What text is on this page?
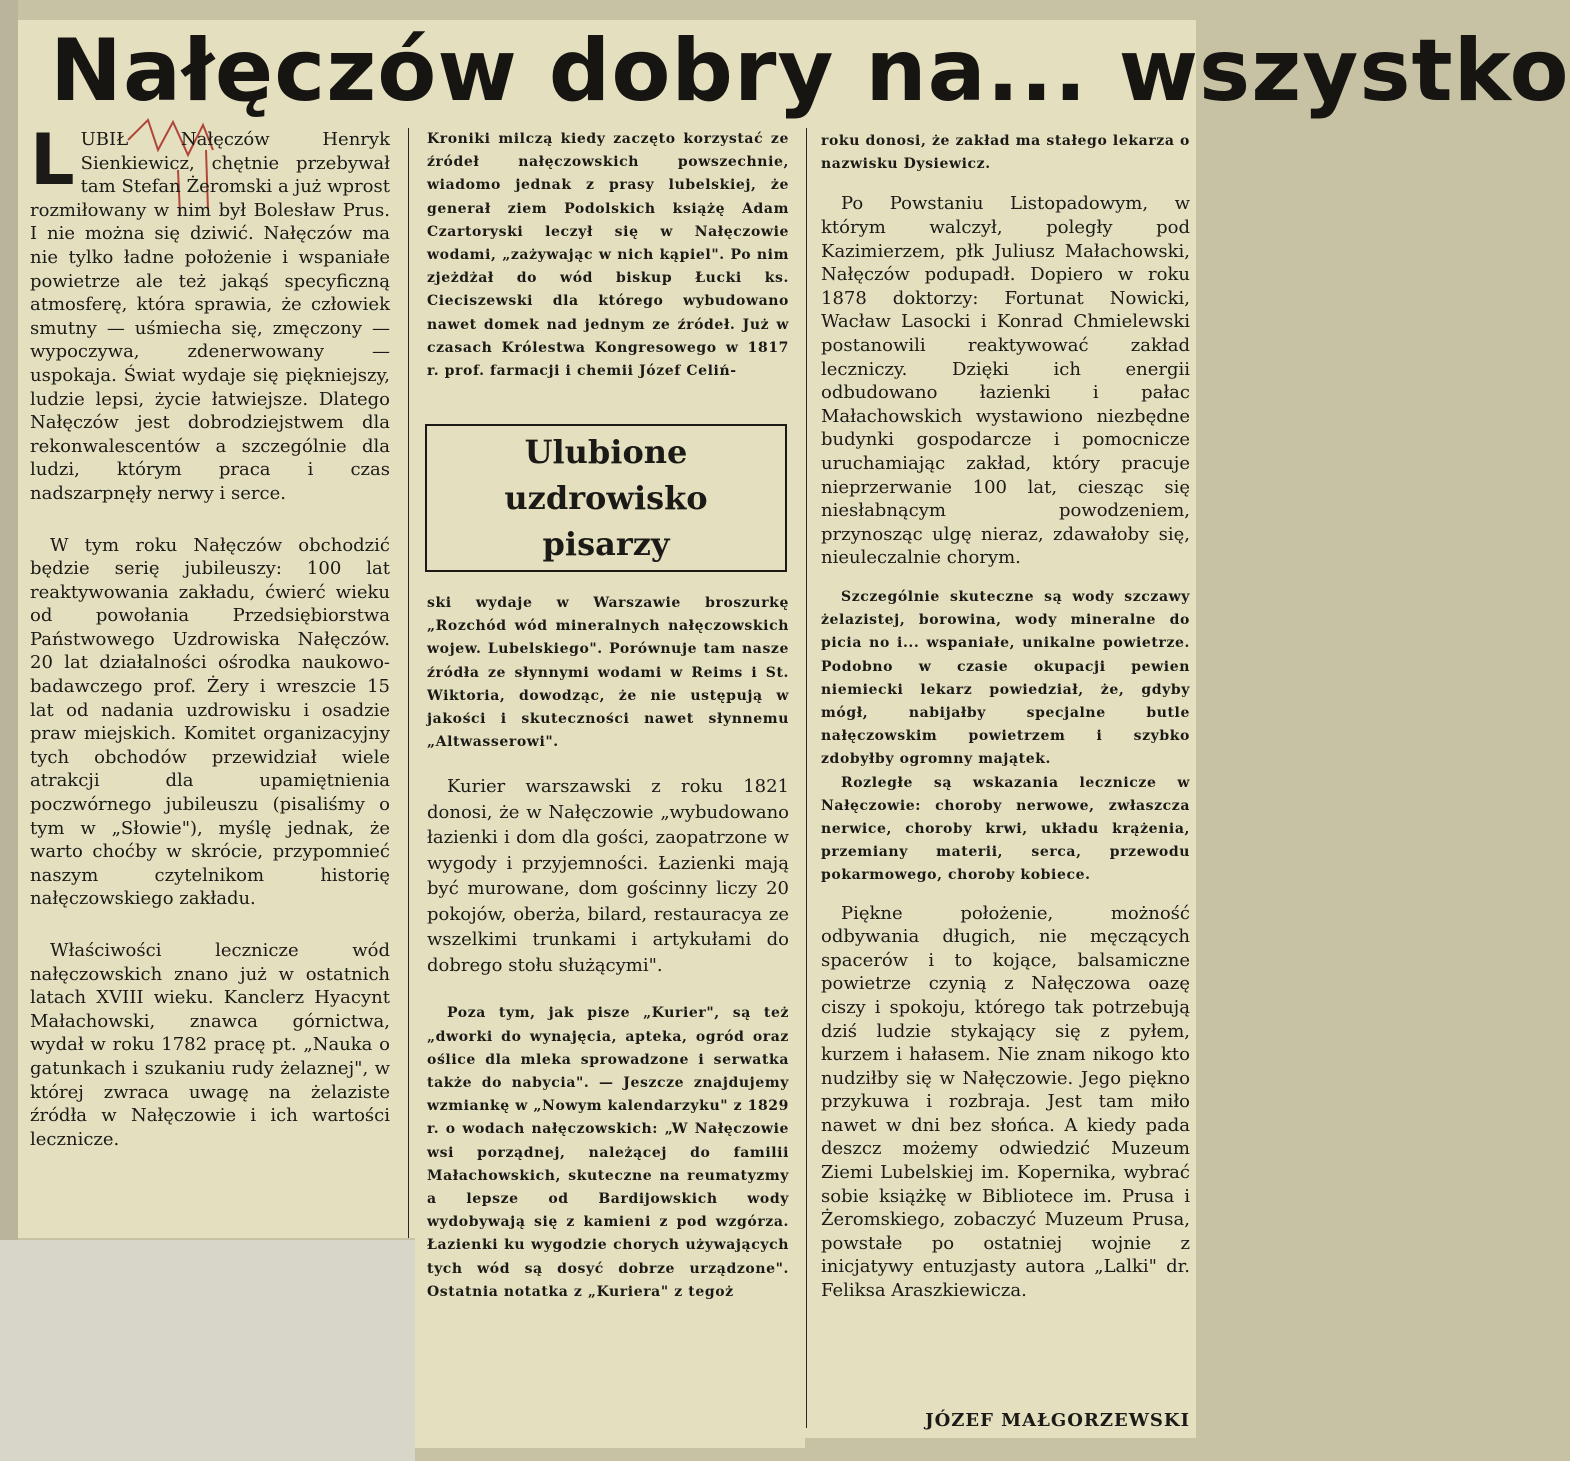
Nałęczów dobry na... wszystko

L UBIŁ Nałęczów Henryk Sienkiewicz, chętnie przebywał tam Stefan Żeromski a już wprost rozmiłowany w nim był Bolesław Prus. I nie można się dziwić. Nałęczów ma nie tylko ładne położenie i wspaniałe powietrze ale też jakąś specyficzną atmosferę, która sprawia, że człowiek smutny — uśmiecha się, zmęczony — wypoczywa, zdenerwowany — uspokaja. Świat wydaje się piękniejszy, ludzie lepsi, życie łatwiejsze. Dlatego Nałęczów jest dobrodziejstwem dla rekonwalescentów a szczególnie dla ludzi, którym praca i czas nadszarpnęły nerwy i serce.

W tym roku Nałęczów obchodzić będzie serię jubileuszy: 100 lat reaktywowania zakładu, ćwierć wieku od powołania Przedsiębiorstwa Państwowego Uzdrowiska Nałęczów. 20 lat działalności ośrodka naukowo-badawczego prof. Żery i wreszcie 15 lat od nadania uzdrowisku i osadzie praw miejskich. Komitet organizacyjny tych obchodów przewidział wiele atrakcji dla upamiętnienia poczwórnego jubileuszu (pisaliśmy o tym w „Słowie"), myślę jednak, że warto choćby w skrócie, przypomnieć naszym czytelnikom historię nałęczowskiego zakładu.

Właściwości lecznicze wód nałęczowskich znano już w ostatnich latach XVIII wieku. Kanclerz Hyacynt Małachowski, znawca górnictwa, wydał w roku 1782 pracę pt. „Nauka o gatunkach i szukaniu rudy żelaznej", w której zwraca uwagę na żelaziste źródła w Nałęczowie i ich wartości lecznicze.

Kroniki milczą kiedy zaczęto korzystać ze źródeł nałęczowskich powszechnie, wiadomo jednak z prasy lubelskiej, że generał ziem Podolskich książę Adam Czartoryski leczył się w Nałęczowie wodami, „zażywając w nich kąpiel". Po nim zjeżdżał do wód biskup Łucki ks. Cieciszewski dla którego wybudowano nawet domek nad jednym ze źródeł. Już w czasach Królestwa Kongresowego w 1817 r. prof. farmacji i chemii Józef Celiń-

Ulubione
uzdrowisko
pisarzy

ski wydaje w Warszawie broszurkę „Rozchód wód mineralnych nałęczowskich wojew. Lubelskiego". Porównuje tam nasze źródła ze słynnymi wodami w Reims i St. Wiktoria, dowodząc, że nie ustępują w jakości i skuteczności nawet słynnemu „Altwasserowi".

Kurier warszawski z roku 1821 donosi, że w Nałęczowie „wybudowano łazienki i dom dla gości, zaopatrzone w wygody i przyjemności. Łazienki mają być murowane, dom gościnny liczy 20 pokojów, oberża, bilard, restauracya ze wszelkimi trunkami i artykułami do dobrego stołu służącymi".

Poza tym, jak pisze „Kurier", są też „dworki do wynajęcia, apteka, ogród oraz oślice dla mleka sprowadzone i serwatka także do nabycia". — Jeszcze znajdujemy wzmiankę w „Nowym kalendarzyku" z 1829 r. o wodach nałęczowskich: „W Nałęczowie wsi porządnej, należącej do familii Małachowskich, skuteczne na reumatyzmy a lepsze od Bardijowskich wody wydobywają się z kamieni z pod wzgórza. Łazienki ku wygodzie chorych używających tych wód są dosyć dobrze urządzone". Ostatnia notatka z „Kuriera" z tegoż

roku donosi, że zakład ma stałego lekarza o nazwisku Dysiewicz.

Po Powstaniu Listopadowym, w którym walczył, poległy pod Kazimierzem, płk Juliusz Małachowski, Nałęczów podupadł. Dopiero w roku 1878 doktorzy: Fortunat Nowicki, Wacław Lasocki i Konrad Chmielewski postanowili reaktywować zakład leczniczy. Dzięki ich energii odbudowano łazienki i pałac Małachowskich wystawiono niezbędne budynki gospodarcze i pomocnicze uruchamiając zakład, który pracuje nieprzerwanie 100 lat, ciesząc się niesłabnącym powodzeniem, przynosząc ulgę nieraz, zdawałoby się, nieuleczalnie chorym.

Szczególnie skuteczne są wody szczawy żelazistej, borowina, wody mineralne do picia no i... wspaniałe, unikalne powietrze. Podobno w czasie okupacji pewien niemiecki lekarz powiedział, że, gdyby mógł, nabijałby specjalne butle nałęczowskim powietrzem i szybko zdobyłby ogromny majątek.

Rozległe są wskazania lecznicze w Nałęczowie: choroby nerwowe, zwłaszcza nerwice, choroby krwi, układu krążenia, przemiany materii, serca, przewodu pokarmowego, choroby kobiece.

Piękne położenie, możność odbywania długich, nie męczących spacerów i to kojące, balsamiczne powietrze czynią z Nałęczowa oazę ciszy i spokoju, którego tak potrzebują dziś ludzie stykający się z pyłem, kurzem i hałasem. Nie znam nikogo kto nudziłby się w Nałęczowie. Jego piękno przykuwa i rozbraja. Jest tam miło nawet w dni bez słońca. A kiedy pada deszcz możemy odwiedzić Muzeum Ziemi Lubelskiej im. Kopernika, wybrać sobie książkę w Bibliotece im. Prusa i Żeromskiego, zobaczyć Muzeum Prusa, powstałe po ostatniej wojnie z inicjatywy entuzjasty autora „Lalki" dr. Feliksa Araszkiewicza.

JÓZEF MAŁGORZEWSKI
